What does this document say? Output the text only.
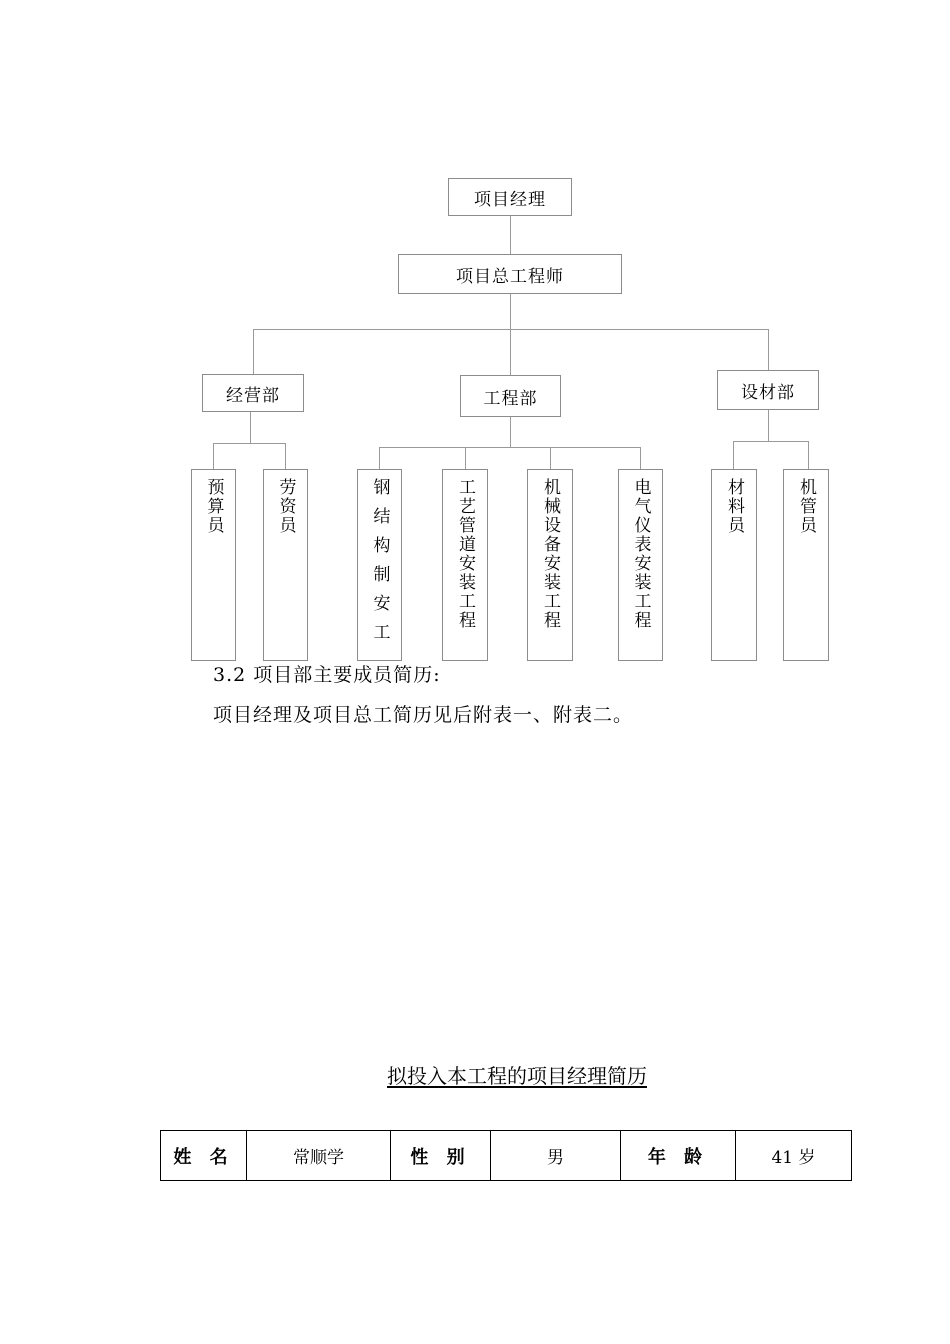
项目经理
项目总工程师
经营部	工程部	设材部
预算员	劳资员	钢结构制安工	工艺管道安装工程	机械设备安装工程	电气仪表安装工程	材料员	机管员
3.2 项目部主要成员简历:
项目经理及项目总工简历见后附表一、附表二。
拟投入本工程的项目经理简历
姓 名	常顺学	性 别	男	年 龄	41 岁
